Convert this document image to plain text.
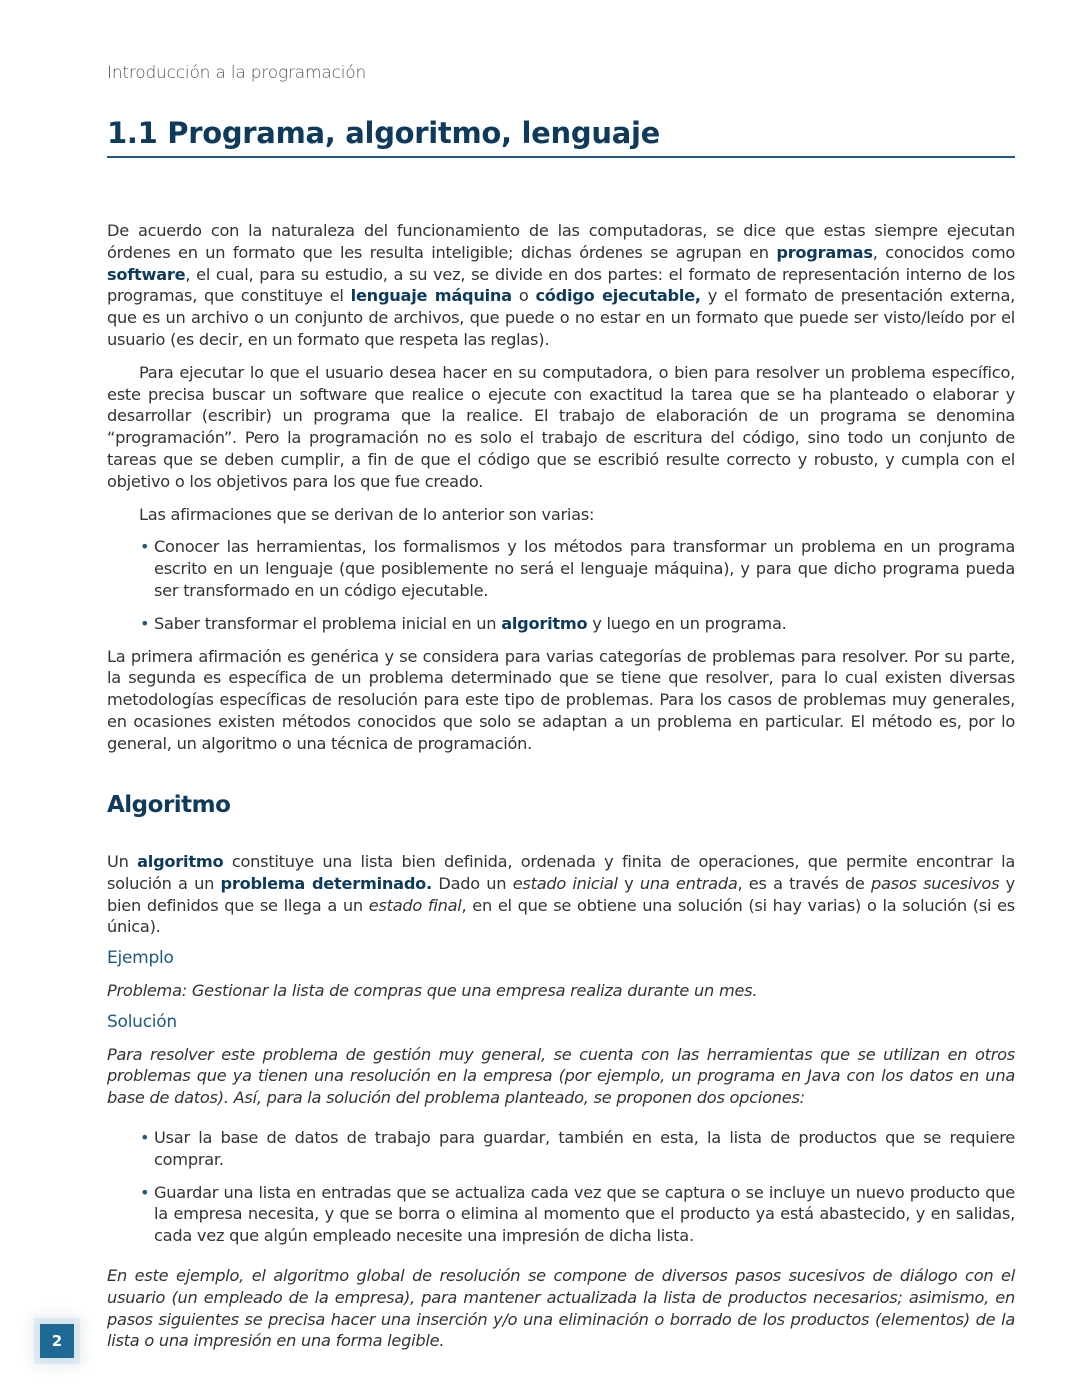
Introducción a la programación
1.1 Programa, algoritmo, lenguaje

De acuerdo con la naturaleza del funcionamiento de las computadoras, se dice que estas siempre ejecutan órdenes en un formato que les resulta inteligible; dichas órdenes se agrupan en programas, conocidos como software, el cual, para su estudio, a su vez, se divide en dos partes: el formato de representación interno de los programas, que constituye el lenguaje máquina o código ejecutable, y el formato de presentación externa, que es un archivo o un conjunto de archivos, que puede o no estar en un formato que puede ser visto/leído por el usuario (es decir, en un formato que respeta las reglas).

Para ejecutar lo que el usuario desea hacer en su computadora, o bien para resolver un problema específico, este precisa buscar un software que realice o ejecute con exactitud la tarea que se ha planteado o elaborar y desarrollar (escribir) un programa que la realice. El trabajo de elaboración de un programa se denomina “programación”. Pero la programación no es solo el trabajo de escritura del código, sino todo un conjunto de tareas que se deben cumplir, a fin de que el código que se escribió resulte correcto y robusto, y cumpla con el objetivo o los objetivos para los que fue creado.

Las afirmaciones que se derivan de lo anterior son varias:

• Conocer las herramientas, los formalismos y los métodos para transformar un problema en un programa escrito en un lenguaje (que posiblemente no será el lenguaje máquina), y para que dicho programa pueda ser transformado en un código ejecutable.
• Saber transformar el problema inicial en un algoritmo y luego en un programa.

La primera afirmación es genérica y se considera para varias categorías de problemas para resolver. Por su parte, la segunda es específica de un problema determinado que se tiene que resolver, para lo cual existen diversas metodologías específicas de resolución para este tipo de problemas. Para los casos de problemas muy generales, en ocasiones existen métodos conocidos que solo se adaptan a un problema en particular. El método es, por lo general, un algoritmo o una técnica de programación.

Algoritmo

Un algoritmo constituye una lista bien definida, ordenada y finita de operaciones, que permite encontrar la solución a un problema determinado. Dado un estado inicial y una entrada, es a través de pasos sucesivos y bien definidos que se llega a un estado final, en el que se obtiene una solución (si hay varias) o la solución (si es única).

Ejemplo

Problema: Gestionar la lista de compras que una empresa realiza durante un mes.

Solución

Para resolver este problema de gestión muy general, se cuenta con las herramientas que se utilizan en otros problemas que ya tienen una resolución en la empresa (por ejemplo, un programa en Java con los datos en una base de datos). Así, para la solución del problema planteado, se proponen dos opciones:

• Usar la base de datos de trabajo para guardar, también en esta, la lista de productos que se requiere comprar.
• Guardar una lista en entradas que se actualiza cada vez que se captura o se incluye un nuevo producto que la empresa necesita, y que se borra o elimina al momento que el producto ya está abastecido, y en salidas, cada vez que algún empleado necesite una impresión de dicha lista.

En este ejemplo, el algoritmo global de resolución se compone de diversos pasos sucesivos de diálogo con el usuario (un empleado de la empresa), para mantener actualizada la lista de productos necesarios; asimismo, en pasos siguientes se precisa hacer una inserción y/o una eliminación o borrado de los productos (elementos) de la lista o una impresión en una forma legible.

2
